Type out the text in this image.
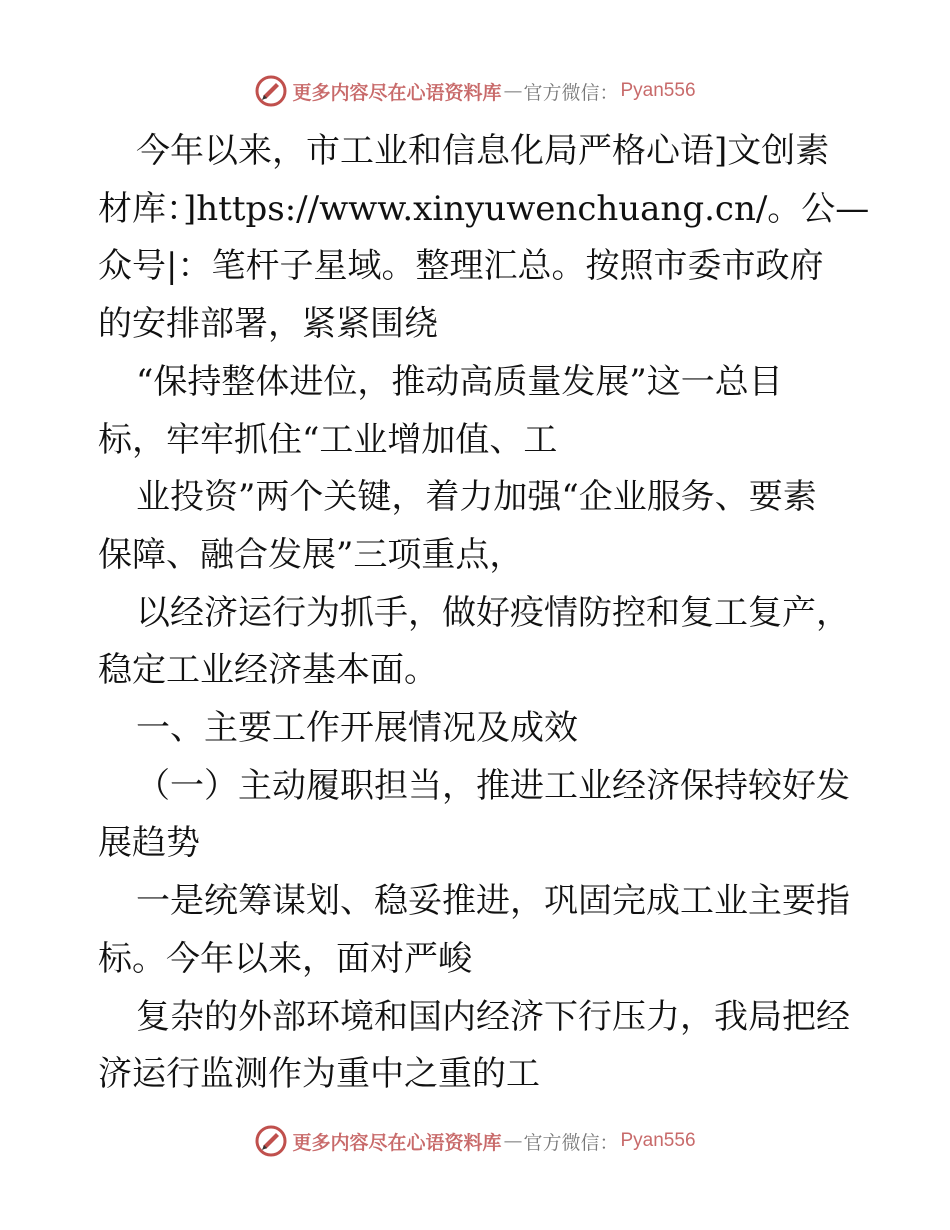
更多内容尽在心语资料库 — 官方微信： Pyan556

今年以来，市工业和信息化局严格心语]文创素
材库：]https://www.xinyuwenchuang.cn/。公—
众号|：笔杆子星域。整理汇总。按照市委市政府
的安排部署，紧紧围绕

“保持整体进位，推动高质量发展”这一总目
标，牢牢抓住“工业增加值、工

业投资”两个关键，着力加强“企业服务、要素
保障、融合发展”三项重点，

以经济运行为抓手，做好疫情防控和复工复产，
稳定工业经济基本面。

一、主要工作开展情况及成效

（一）主动履职担当，推进工业经济保持较好发
展趋势

一是统筹谋划、稳妥推进，巩固完成工业主要指
标。今年以来，面对严峻

复杂的外部环境和国内经济下行压力，我局把经
济运行监测作为重中之重的工

更多内容尽在心语资料库 — 官方微信： Pyan556
